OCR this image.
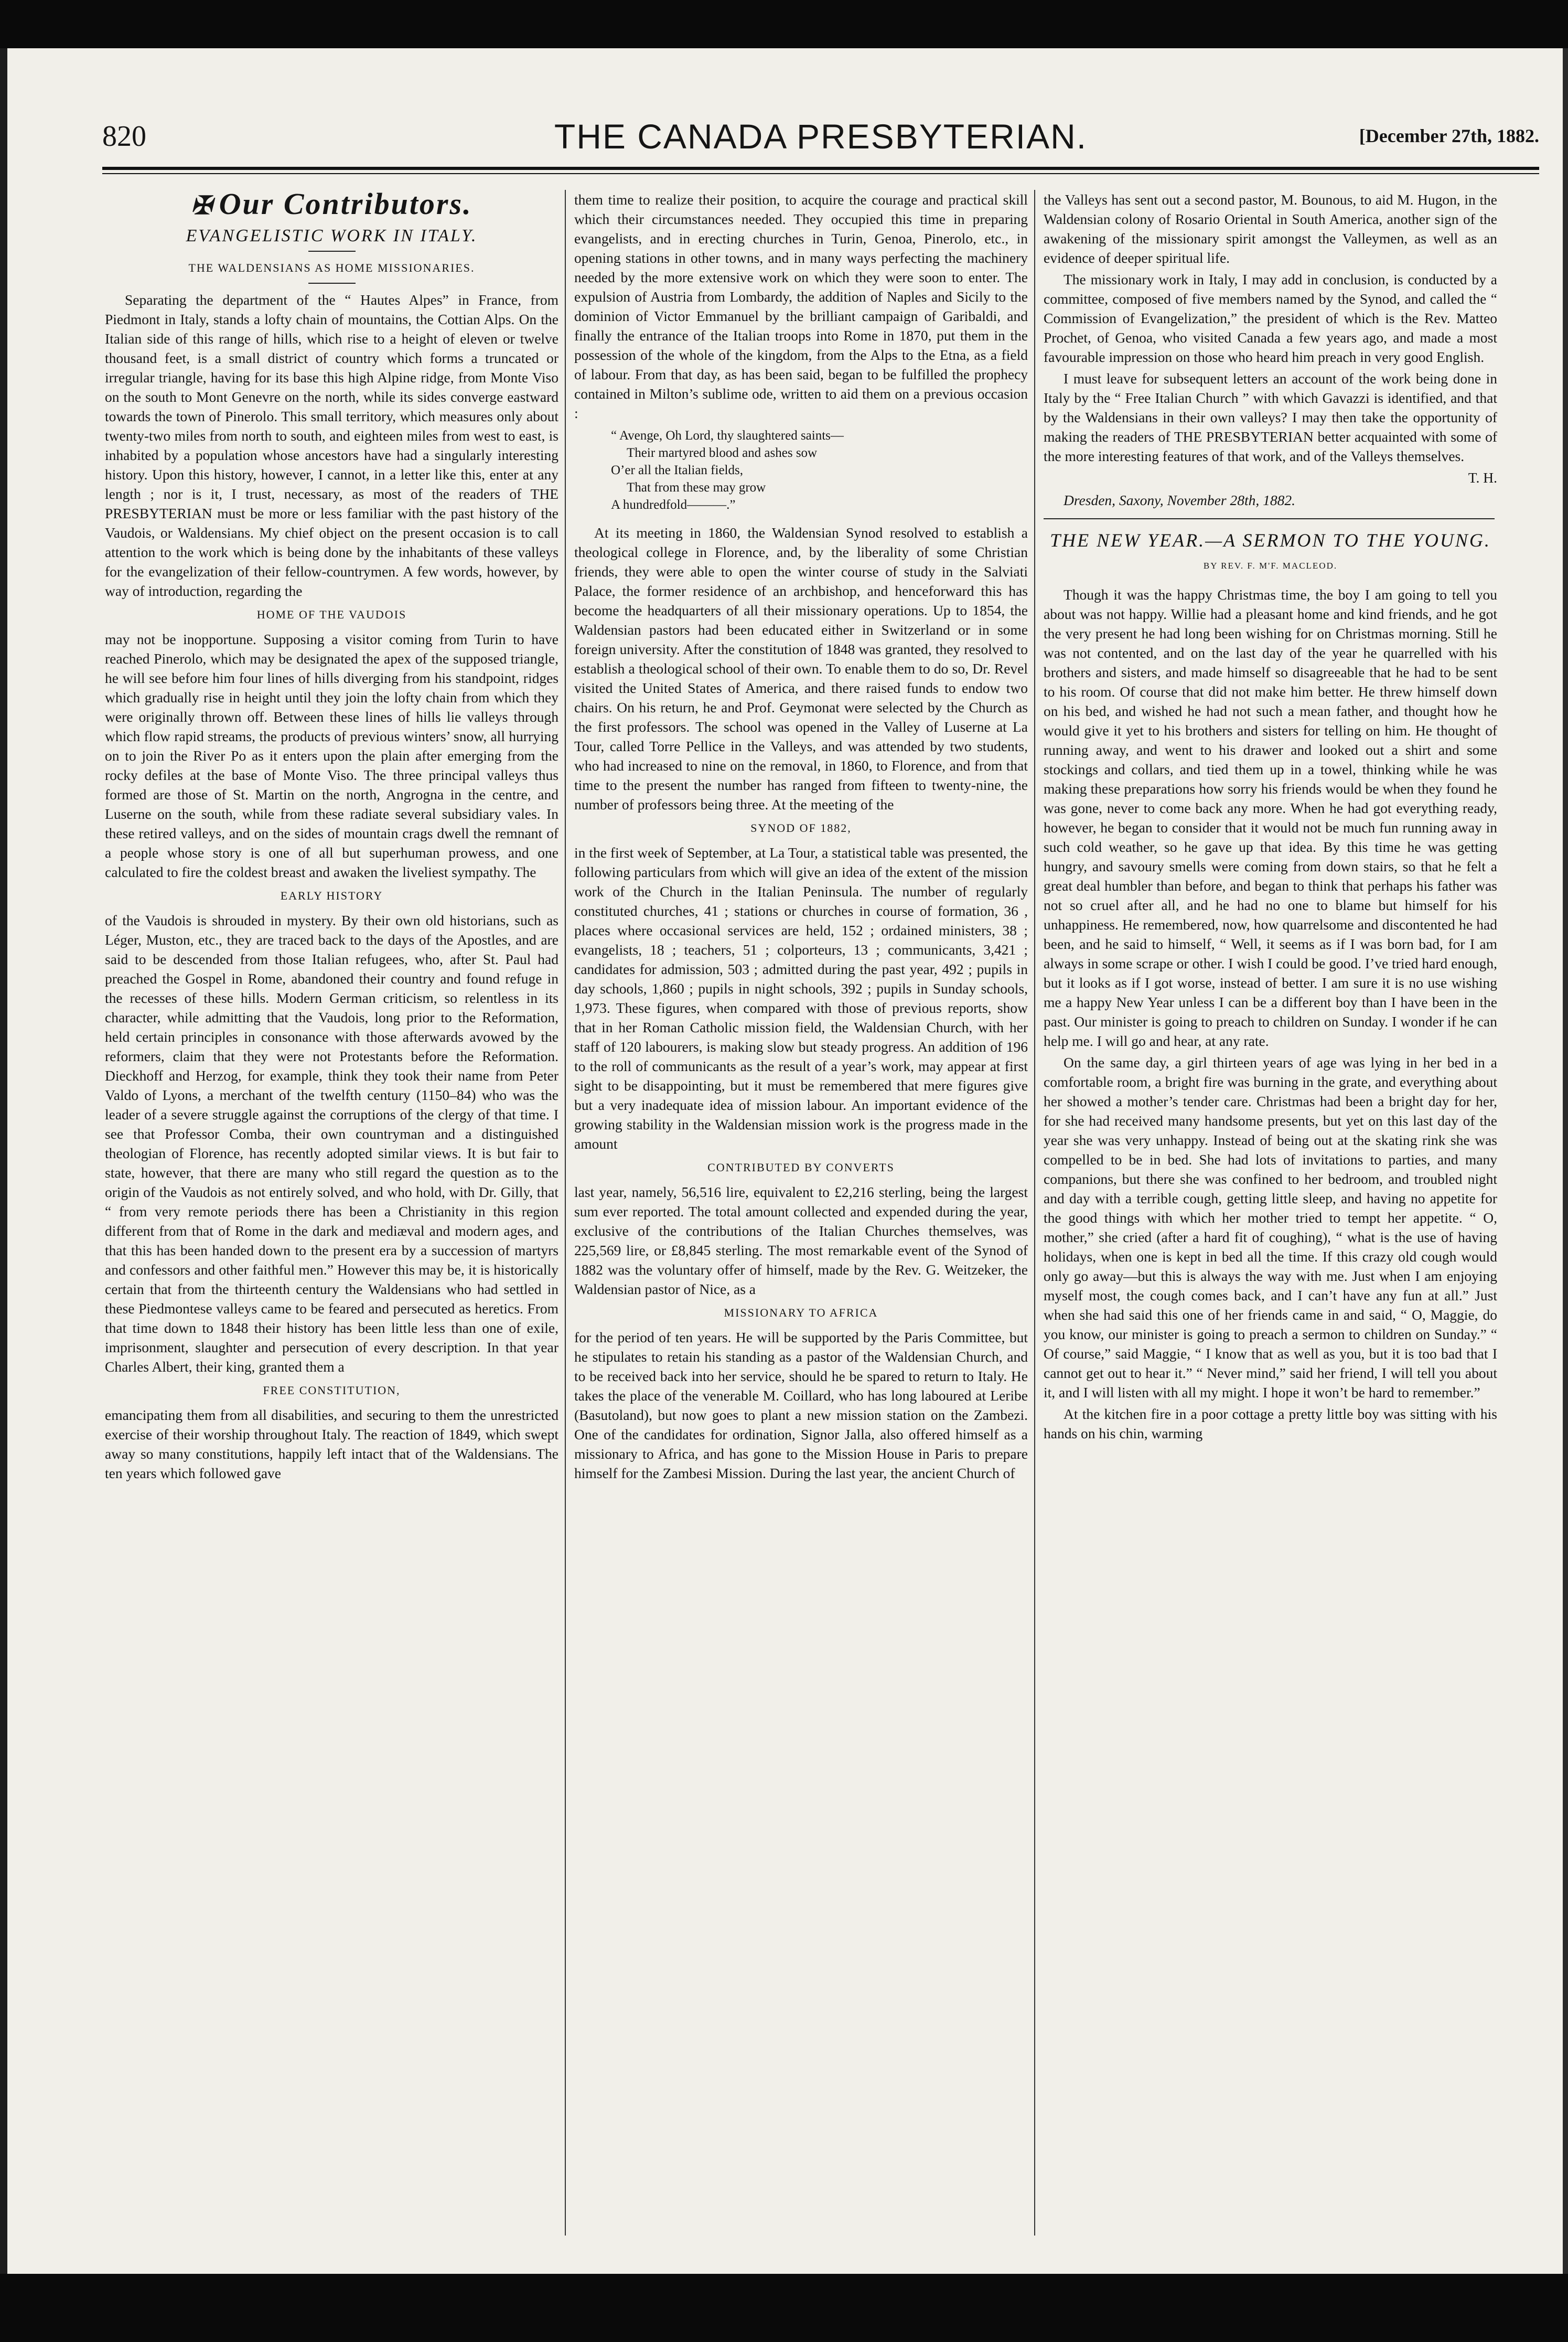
820	THE CANADA PRESBYTERIAN.	[December 27th, 1882.
✠ Our Contributors.
EVANGELISTIC WORK IN ITALY.
THE WALDENSIANS AS HOME MISSIONARIES.

Separating the department of the “ Hautes Alpes” in France, from Piedmont in Italy, stands a lofty chain of mountains, the Cottian Alps. On the Italian side of this range of hills, which rise to a height of eleven or twelve thousand feet, is a small district of country which forms a truncated or irregular triangle, having for its base this high Alpine ridge, from Monte Viso on the south to Mont Genevre on the north, while its sides converge eastward towards the town of Pinerolo. This small territory, which measures only about twenty-two miles from north to south, and eighteen miles from west to east, is inhabited by a population whose ancestors have had a singularly interesting history. Upon this history, however, I cannot, in a letter like this, enter at any length ; nor is it, I trust, necessary, as most of the readers of THE PRESBYTERIAN must be more or less familiar with the past history of the Vaudois, or Waldensians. My chief object on the present occasion is to call attention to the work which is being done by the inhabitants of these valleys for the evangelization of their fellow-countrymen. A few words, however, by way of introduction, regarding the

HOME OF THE VAUDOIS

may not be inopportune. Supposing a visitor coming from Turin to have reached Pinerolo, which may be designated the apex of the supposed triangle, he will see before him four lines of hills diverging from his standpoint, ridges which gradually rise in height until they join the lofty chain from which they were originally thrown off. Between these lines of hills lie valleys through which flow rapid streams, the products of previous winters’ snow, all hurrying on to join the River Po as it enters upon the plain after emerging from the rocky defiles at the base of Monte Viso. The three principal valleys thus formed are those of St. Martin on the north, Angrogna in the centre, and Luserne on the south, while from these radiate several subsidiary vales. In these retired valleys, and on the sides of mountain crags dwell the remnant of a people whose story is one of all but superhuman prowess, and one calculated to fire the coldest breast and awaken the liveliest sympathy. The

EARLY HISTORY

of the Vaudois is shrouded in mystery. By their own old historians, such as Léger, Muston, etc., they are traced back to the days of the Apostles, and are said to be descended from those Italian refugees, who, after St. Paul had preached the Gospel in Rome, abandoned their country and found refuge in the recesses of these hills. Modern German criticism, so relentless in its character, while admitting that the Vaudois, long prior to the Reformation, held certain principles in consonance with those afterwards avowed by the reformers, claim that they were not Protestants before the Reformation. Dieckhoff and Herzog, for example, think they took their name from Peter Valdo of Lyons, a merchant of the twelfth century (1150–84) who was the leader of a severe struggle against the corruptions of the clergy of that time. I see that Professor Comba, their own countryman and a distinguished theologian of Florence, has recently adopted similar views. It is but fair to state, however, that there are many who still regard the question as to the origin of the Vaudois as not entirely solved, and who hold, with Dr. Gilly, that “ from very remote periods there has been a Christianity in this region different from that of Rome in the dark and mediæval and modern ages, and that this has been handed down to the present era by a succession of martyrs and confessors and other faithful men.” However this may be, it is historically certain that from the thirteenth century the Waldensians who had settled in these Piedmontese valleys came to be feared and persecuted as heretics. From that time down to 1848 their history has been little less than one of exile, imprisonment, slaughter and persecution of every description. In that year Charles Albert, their king, granted them a

FREE CONSTITUTION,

emancipating them from all disabilities, and securing to them the unrestricted exercise of their worship throughout Italy. The reaction of 1849, which swept away so many constitutions, happily left intact that of the Waldensians. The ten years which followed gave

them time to realize their position, to acquire the courage and practical skill which their circumstances needed. They occupied this time in preparing evangelists, and in erecting churches in Turin, Genoa, Pinerolo, etc., in opening stations in other towns, and in many ways perfecting the machinery needed by the more extensive work on which they were soon to enter. The expulsion of Austria from Lombardy, the addition of Naples and Sicily to the dominion of Victor Emmanuel by the brilliant campaign of Garibaldi, and finally the entrance of the Italian troops into Rome in 1870, put them in the possession of the whole of the kingdom, from the Alps to the Etna, as a field of labour. From that day, as has been said, began to be fulfilled the prophecy contained in Milton’s sublime ode, written to aid them on a previous occasion :

“ Avenge, Oh Lord, thy slaughtered saints—
Their martyred blood and ashes sow
O’er all the Italian fields,
That from these may grow
A hundredfold———.”

At its meeting in 1860, the Waldensian Synod resolved to establish a theological college in Florence, and, by the liberality of some Christian friends, they were able to open the winter course of study in the Salviati Palace, the former residence of an archbishop, and henceforward this has become the headquarters of all their missionary operations. Up to 1854, the Waldensian pastors had been educated either in Switzerland or in some foreign university. After the constitution of 1848 was granted, they resolved to establish a theological school of their own. To enable them to do so, Dr. Revel visited the United States of America, and there raised funds to endow two chairs. On his return, he and Prof. Geymonat were selected by the Church as the first professors. The school was opened in the Valley of Luserne at La Tour, called Torre Pellice in the Valleys, and was attended by two students, who had increased to nine on the removal, in 1860, to Florence, and from that time to the present the number has ranged from fifteen to twenty-nine, the number of professors being three. At the meeting of the

SYNOD OF 1882,

in the first week of September, at La Tour, a statistical table was presented, the following particulars from which will give an idea of the extent of the mission work of the Church in the Italian Peninsula. The number of regularly constituted churches, 41 ; stations or churches in course of formation, 36 , places where occasional services are held, 152 ; ordained ministers, 38 ; evangelists, 18 ; teachers, 51 ; colporteurs, 13 ; communicants, 3,421 ; candidates for admission, 503 ; admitted during the past year, 492 ; pupils in day schools, 1,860 ; pupils in night schools, 392 ; pupils in Sunday schools, 1,973. These figures, when compared with those of previous reports, show that in her Roman Catholic mission field, the Waldensian Church, with her staff of 120 labourers, is making slow but steady progress. An addition of 196 to the roll of communicants as the result of a year’s work, may appear at first sight to be disappointing, but it must be remembered that mere figures give but a very inadequate idea of mission labour. An important evidence of the growing stability in the Waldensian mission work is the progress made in the amount

CONTRIBUTED BY CONVERTS

last year, namely, 56,516 lire, equivalent to £2,216 sterling, being the largest sum ever reported. The total amount collected and expended during the year, exclusive of the contributions of the Italian Churches themselves, was 225,569 lire, or £8,845 sterling. The most remarkable event of the Synod of 1882 was the voluntary offer of himself, made by the Rev. G. Weitzeker, the Waldensian pastor of Nice, as a

MISSIONARY TO AFRICA

for the period of ten years. He will be supported by the Paris Committee, but he stipulates to retain his standing as a pastor of the Waldensian Church, and to be received back into her service, should he be spared to return to Italy. He takes the place of the venerable M. Coillard, who has long laboured at Leribe (Basutoland), but now goes to plant a new mission station on the Zambezi. One of the candidates for ordination, Signor Jalla, also offered himself as a missionary to Africa, and has gone to the Mission House in Paris to prepare himself for the Zambesi Mission. During the last year, the ancient Church of

the Valleys has sent out a second pastor, M. Bounous, to aid M. Hugon, in the Waldensian colony of Rosario Oriental in South America, another sign of the awakening of the missionary spirit amongst the Valleymen, as well as an evidence of deeper spiritual life.

The missionary work in Italy, I may add in conclusion, is conducted by a committee, composed of five members named by the Synod, and called the “ Commission of Evangelization,” the president of which is the Rev. Matteo Prochet, of Genoa, who visited Canada a few years ago, and made a most favourable impression on those who heard him preach in very good English.

I must leave for subsequent letters an account of the work being done in Italy by the “ Free Italian Church ” with which Gavazzi is identified, and that by the Waldensians in their own valleys? I may then take the opportunity of making the readers of THE PRESBYTERIAN better acquainted with some of the more interesting features of that work, and of the Valleys themselves.

T. H.
Dresden, Saxony, November 28th, 1882.
THE NEW YEAR.—A SERMON TO THE YOUNG.
BY REV. F. M'F. MACLEOD.

Though it was the happy Christmas time, the boy I am going to tell you about was not happy. Willie had a pleasant home and kind friends, and he got the very present he had long been wishing for on Christmas morning. Still he was not contented, and on the last day of the year he quarrelled with his brothers and sisters, and made himself so disagreeable that he had to be sent to his room. Of course that did not make him better. He threw himself down on his bed, and wished he had not such a mean father, and thought how he would give it yet to his brothers and sisters for telling on him. He thought of running away, and went to his drawer and looked out a shirt and some stockings and collars, and tied them up in a towel, thinking while he was making these preparations how sorry his friends would be when they found he was gone, never to come back any more. When he had got everything ready, however, he began to consider that it would not be much fun running away in such cold weather, so he gave up that idea. By this time he was getting hungry, and savoury smells were coming from down stairs, so that he felt a great deal humbler than before, and began to think that perhaps his father was not so cruel after all, and he had no one to blame but himself for his unhappiness. He remembered, now, how quarrelsome and discontented he had been, and he said to himself, “ Well, it seems as if I was born bad, for I am always in some scrape or other. I wish I could be good. I’ve tried hard enough, but it looks as if I got worse, instead of better. I am sure it is no use wishing me a happy New Year unless I can be a different boy than I have been in the past. Our minister is going to preach to children on Sunday. I wonder if he can help me. I will go and hear, at any rate.

On the same day, a girl thirteen years of age was lying in her bed in a comfortable room, a bright fire was burning in the grate, and everything about her showed a mother’s tender care. Christmas had been a bright day for her, for she had received many handsome presents, but yet on this last day of the year she was very unhappy. Instead of being out at the skating rink she was compelled to be in bed. She had lots of invitations to parties, and many companions, but there she was confined to her bedroom, and troubled night and day with a terrible cough, getting little sleep, and having no appetite for the good things with which her mother tried to tempt her appetite. “ O, mother,” she cried (after a hard fit of coughing), “ what is the use of having holidays, when one is kept in bed all the time. If this crazy old cough would only go away—but this is always the way with me. Just when I am enjoying myself most, the cough comes back, and I can’t have any fun at all.” Just when she had said this one of her friends came in and said, “ O, Maggie, do you know, our minister is going to preach a sermon to children on Sunday.” “ Of course,” said Maggie, “ I know that as well as you, but it is too bad that I cannot get out to hear it.” “ Never mind,” said her friend, I will tell you about it, and I will listen with all my might. I hope it won’t be hard to remember.”

At the kitchen fire in a poor cottage a pretty little boy was sitting with his hands on his chin, warming
